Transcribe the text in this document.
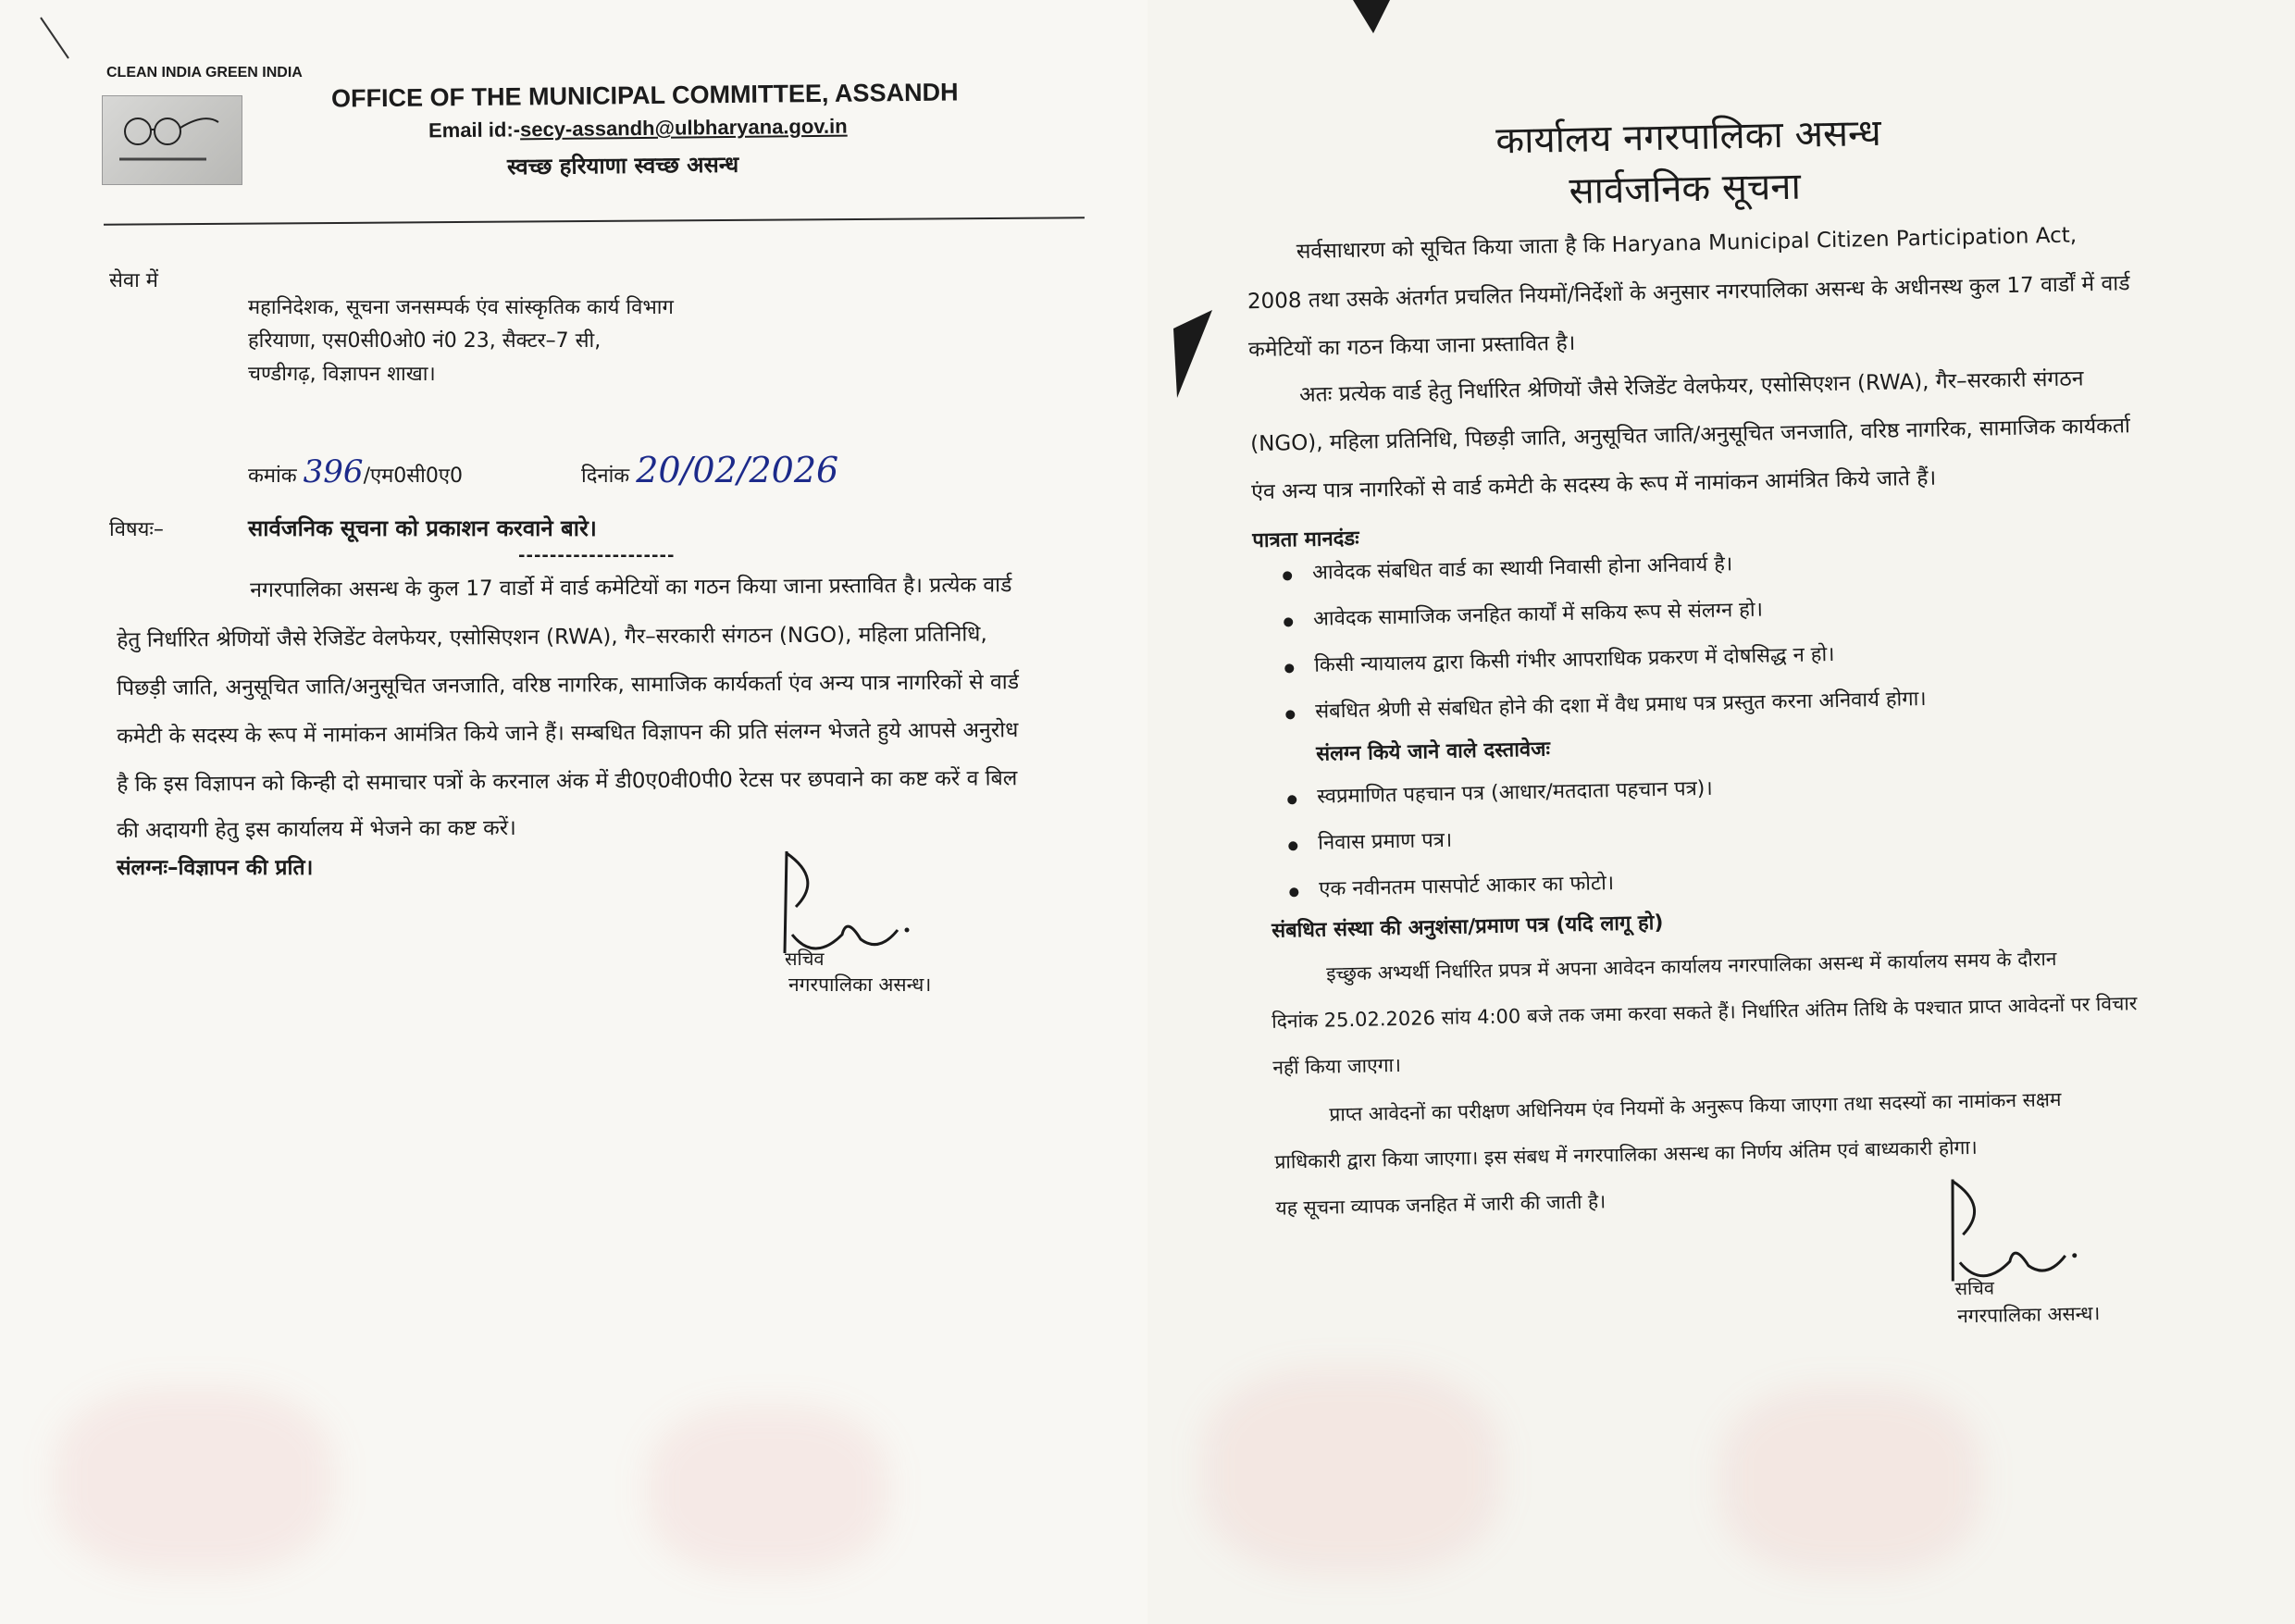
CLEAN INDIA GREEN INDIA
OFFICE OF THE MUNICIPAL COMMITTEE, ASSANDH
Email id:-secy-assandh@ulbharyana.gov.in
स्वच्छ हरियाणा स्वच्छ असन्ध
सेवा में
महानिदेशक, सूचना जनसम्पर्क एंव सांस्कृतिक कार्य विभाग
हरियाणा, एस0सी0ओ0 नं0 23, सैक्टर–7 सी,
चण्डीगढ़, विज्ञापन शाखा।
कमांक 396/एम0सी0ए0	दिनांक 20/02/2026
विषयः–	सार्वजनिक सूचना को प्रकाशन करवाने बारे।
--------------------
नगरपालिका असन्ध के कुल 17 वार्डो में वार्ड कमेटियों का गठन किया जाना प्रस्तावित है। प्रत्येक वार्ड
हेतु निर्धारित श्रेणियों जैसे रेजिडेंट वेलफेयर, एसोसिएशन (RWA), गैर–सरकारी संगठन (NGO), महिला प्रतिनिधि,
पिछड़ी जाति, अनुसूचित जाति/अनुसूचित जनजाति, वरिष्ठ नागरिक, सामाजिक कार्यकर्ता एंव अन्य पात्र नागरिकों से वार्ड
कमेटी के सदस्य के रूप में नामांकन आमंत्रित किये जाने हैं। सम्बधित विज्ञापन की प्रति संलग्न भेजते हुये आपसे अनुरोध
है कि इस विज्ञापन को किन्ही दो समाचार पत्रों के करनाल अंक में डी0ए0वी0पी0 रेटस पर छपवाने का कष्ट करें व बिल
की अदायगी हेतु इस कार्यालय में भेजने का कष्ट करें।
संलग्नः–विज्ञापन की प्रति।
सचिव
नगरपालिका असन्ध।
कार्यालय नगरपालिका असन्ध
सार्वजनिक सूचना
सर्वसाधारण को सूचित किया जाता है कि Haryana Municipal Citizen Participation Act,
2008 तथा उसके अंतर्गत प्रचलित नियमों/निर्देशों के अनुसार नगरपालिका असन्ध के अधीनस्थ कुल 17 वार्डों में वार्ड
कमेटियों का गठन किया जाना प्रस्तावित है।
अतः प्रत्येक वार्ड हेतु निर्धारित श्रेणियों जैसे रेजिडेंट वेलफेयर, एसोसिएशन (RWA), गैर–सरकारी संगठन
(NGO), महिला प्रतिनिधि, पिछड़ी जाति, अनुसूचित जाति/अनुसूचित जनजाति, वरिष्ठ नागरिक, सामाजिक कार्यकर्ता
एंव अन्य पात्र नागरिकों से वार्ड कमेटी के सदस्य के रूप में नामांकन आमंत्रित किये जाते हैं।
पात्रता मानदंडः
आवेदक संबधित वार्ड का स्थायी निवासी होना अनिवार्य है।
आवेदक सामाजिक जनहित कार्यों में सकिय रूप से संलग्न हो।
किसी न्यायालय द्वारा किसी गंभीर आपराधिक प्रकरण में दोषसिद्ध न हो।
संबधित श्रेणी से संबधित होने की दशा में वैध प्रमाध पत्र प्रस्तुत करना अनिवार्य होगा।
संलग्न किये जाने वाले दस्तावेजः
स्वप्रमाणित पहचान पत्र (आधार/मतदाता पहचान पत्र)।
निवास प्रमाण पत्र।
एक नवीनतम पासपोर्ट आकार का फोटो।
संबधित संस्था की अनुशंसा/प्रमाण पत्र (यदि लागू हो)
इच्छुक अभ्यर्थी निर्धारित प्रपत्र में अपना आवेदन कार्यालय नगरपालिका असन्ध में कार्यालय समय के दौरान
दिनांक 25.02.2026 सांय 4:00 बजे तक जमा करवा सकते हैं। निर्धारित अंतिम तिथि के पश्चात प्राप्त आवेदनों पर विचार
नहीं किया जाएगा।
प्राप्त आवेदनों का परीक्षण अधिनियम एंव नियमों के अनुरूप किया जाएगा तथा सदस्यों का नामांकन सक्षम
प्राधिकारी द्वारा किया जाएगा। इस संबध में नगरपालिका असन्ध का निर्णय अंतिम एवं बाध्यकारी होगा।
यह सूचना व्यापक जनहित में जारी की जाती है।
सचिव
नगरपालिका असन्ध।
